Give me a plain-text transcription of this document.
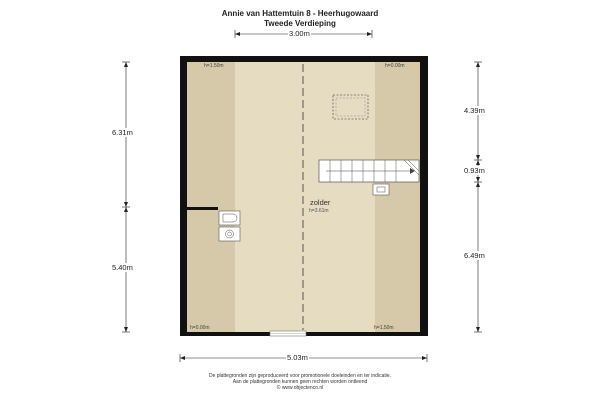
Annie van Hattemtuin 8 - Heerhugowaard
Tweede Verdieping
3.00m
5.03m
6.31m
5.40m
4.39m
0.93m
6.49m
h=1.50m	h=0.00m
h=0.00m	h=1.50m
zolder
h=3.61m
De plattegronden zijn geproduceerd voor promotionele doeleinden en ter indicatie.
Aan de plattegronden kunnen geen rechten worden ontleend
© www.objectenco.nl
